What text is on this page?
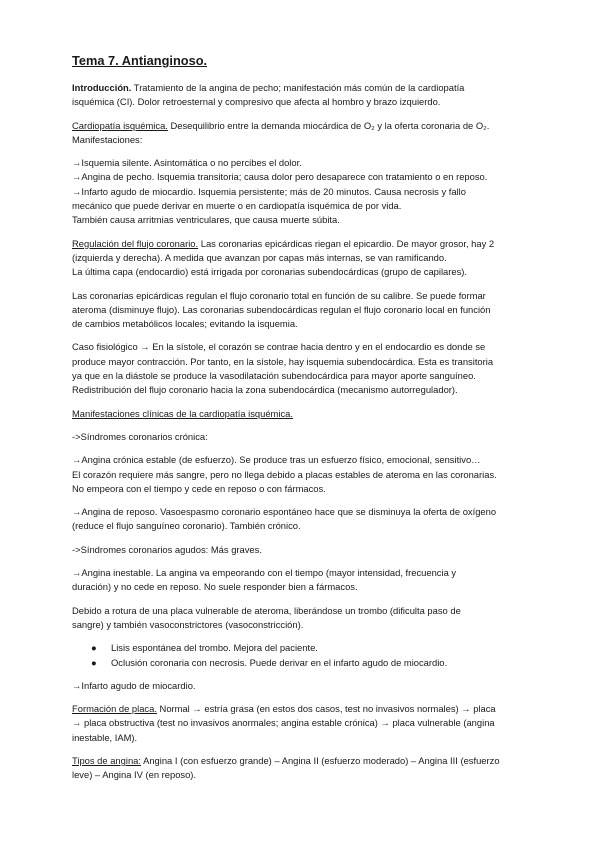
Tema 7. Antianginoso.

Introducción. Tratamiento de la angina de pecho; manifestación más común de la cardiopatía
isquémica (CI). Dolor retroesternal y compresivo que afecta al hombro y brazo izquierdo.

Cardiopatía isquémica. Desequilibrio entre la demanda miocárdica de O₂ y la oferta coronaria de O₂.
Manifestaciones:

→Isquemia silente. Asintomática o no percibes el dolor.
→Angina de pecho. Isquemia transitoria; causa dolor pero desaparece con tratamiento o en reposo.
→Infarto agudo de miocardio. Isquemia persistente; más de 20 minutos. Causa necrosis y fallo
mecánico que puede derivar en muerte o en cardiopatía isquémica de por vida.
También causa arritmias ventriculares, que causa muerte súbita.

Regulación del flujo coronario. Las coronarias epicárdicas riegan el epicardio. De mayor grosor, hay 2
(izquierda y derecha). A medida que avanzan por capas más internas, se van ramificando.
La última capa (endocardio) está irrigada por coronarias subendocárdicas (grupo de capilares).

Las coronarias epicárdicas regulan el flujo coronario total en función de su calibre. Se puede formar
ateroma (disminuye flujo). Las coronarias subendocárdicas regulan el flujo coronario local en función
de cambios metabólicos locales; evitando la isquemia.

Caso fisiológico → En la sístole, el corazón se contrae hacia dentro y en el endocardio es donde se
produce mayor contracción. Por tanto, en la sístole, hay isquemia subendocárdica. Esta es transitoria
ya que en la diástole se produce la vasodilatación subendocárdica para mayor aporte sanguíneo.
Redistribución del flujo coronario hacia la zona subendocárdica (mecanismo autorregulador).

Manifestaciones clínicas de la cardiopatía isquémica.

->Síndromes coronarios crónica:

→Angina crónica estable (de esfuerzo). Se produce tras un esfuerzo físico, emocional, sensitivo…
El corazón requiere más sangre, pero no llega debido a placas estables de ateroma en las coronarias.
No empeora con el tiempo y cede en reposo o con fármacos.

→Angina de reposo. Vasoespasmo coronario espontáneo hace que se disminuya la oferta de oxígeno
(reduce el flujo sanguíneo coronario). También crónico.

->Síndromes coronarios agudos: Más graves.

→Angina inestable. La angina va empeorando con el tiempo (mayor intensidad, frecuencia y
duración) y no cede en reposo. No suele responder bien a fármacos.

Debido a rotura de una placa vulnerable de ateroma, liberándose un trombo (dificulta paso de
sangre) y también vasoconstrictores (vasoconstricción).

● Lisis espontánea del trombo. Mejora del paciente.
● Oclusión coronaria con necrosis. Puede derivar en el infarto agudo de miocardio.

→Infarto agudo de miocardio.

Formación de placa. Normal → estría grasa (en estos dos casos, test no invasivos normales) → placa
→ placa obstructiva (test no invasivos anormales; angina estable crónica) → placa vulnerable (angina
inestable, IAM).

Tipos de angina: Angina I (con esfuerzo grande) – Angina II (esfuerzo moderado) – Angina III (esfuerzo
leve) – Angina IV (en reposo).
